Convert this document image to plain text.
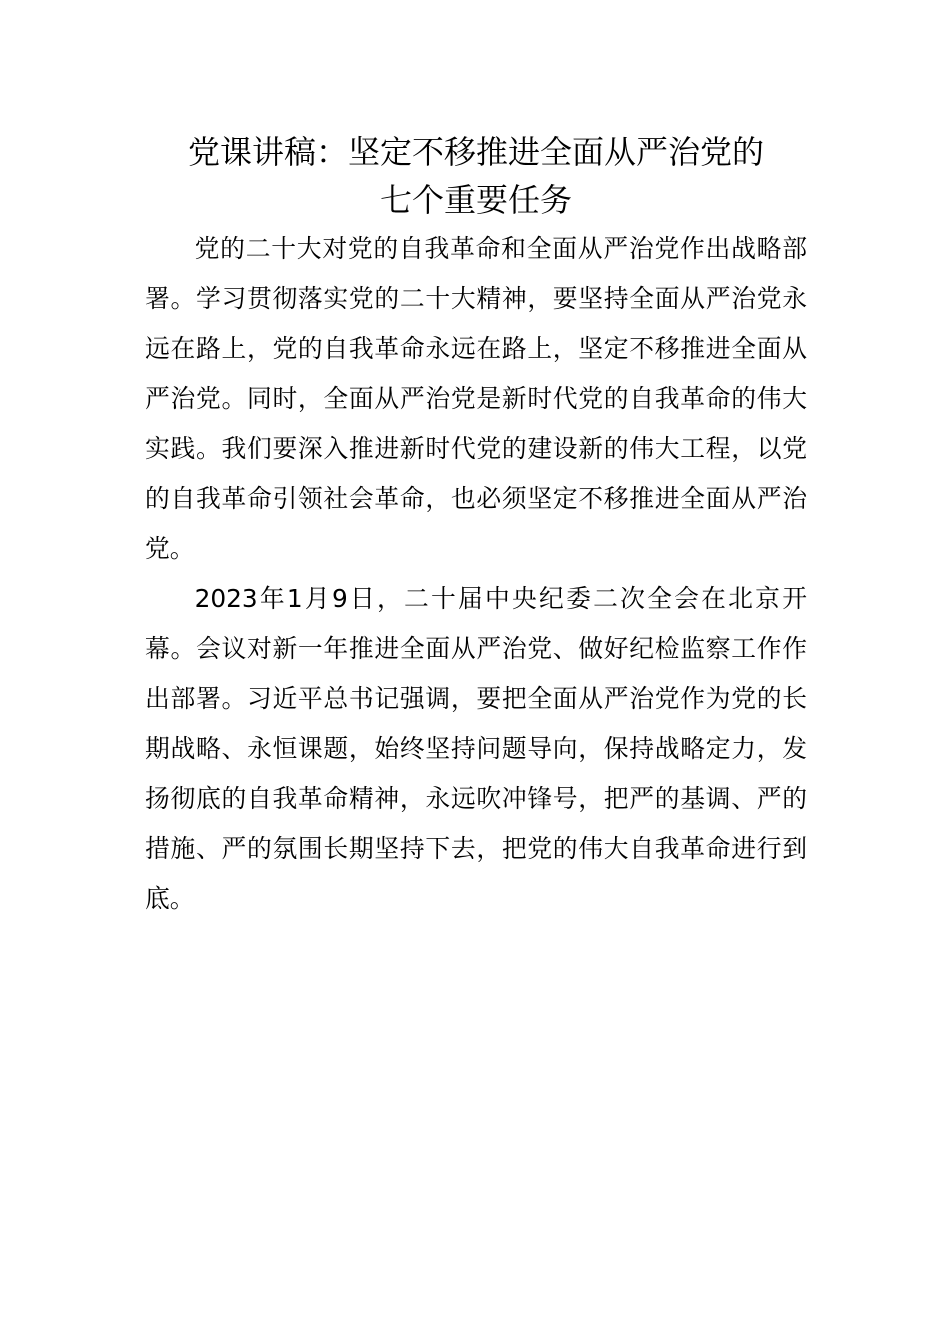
党课讲稿：坚定不移推进全面从严治党的
七个重要任务

党的二十大对党的自我革命和全面从严治党作出战略部署。学习贯彻落实党的二十大精神，要坚持全面从严治党永远在路上，党的自我革命永远在路上，坚定不移推进全面从严治党。同时，全面从严治党是新时代党的自我革命的伟大实践。我们要深入推进新时代党的建设新的伟大工程，以党的自我革命引领社会革命，也必须坚定不移推进全面从严治党。

2023年1月9日，二十届中央纪委二次全会在北京开幕。会议对新一年推进全面从严治党、做好纪检监察工作作出部署。习近平总书记强调，要把全面从严治党作为党的长期战略、永恒课题，始终坚持问题导向，保持战略定力，发扬彻底的自我革命精神，永远吹冲锋号，把严的基调、严的措施、严的氛围长期坚持下去，把党的伟大自我革命进行到底。
